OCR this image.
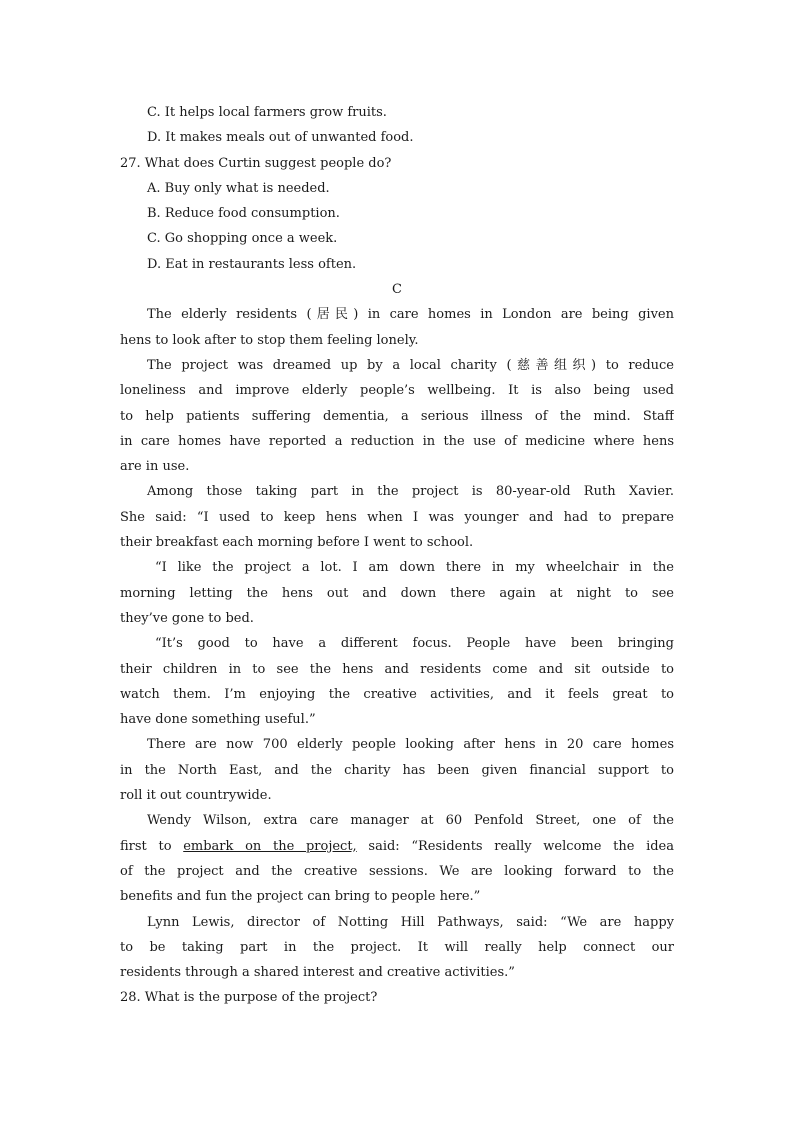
C. It helps local farmers grow fruits.
D. It makes meals out of unwanted food.
27. What does Curtin suggest people do?
A. Buy only what is needed.
B. Reduce food consumption.
C. Go shopping once a week.
D. Eat in restaurants less often.
C
The elderly residents (居民) in care homes in London are being given
hens to look after to stop them feeling lonely.
The project was dreamed up by a local charity (慈善组织) to reduce
loneliness and improve elderly people’s wellbeing. It is also being used
to help patients suffering dementia, a serious illness of the mind. Staff
in care homes have reported a reduction in the use of medicine where hens
are in use.
Among those taking part in the project is 80-year-old Ruth Xavier.
She said: “I used to keep hens when I was younger and had to prepare
their breakfast each morning before I went to school.
“I like the project a lot. I am down there in my wheelchair in the
morning letting the hens out and down there again at night to see
they’ve gone to bed.
“It’s good to have a different focus. People have been bringing
their children in to see the hens and residents come and sit outside to
watch them. I’m enjoying the creative activities, and it feels great to
have done something useful.”
There are now 700 elderly people looking after hens in 20 care homes
in the North East, and the charity has been given financial support to
roll it out countrywide.
Wendy Wilson, extra care manager at 60 Penfold Street, one of the
first to embark on the project, said: “Residents really welcome the idea
of the project and the creative sessions. We are looking forward to the
benefits and fun the project can bring to people here.”
Lynn Lewis, director of Notting Hill Pathways, said: “We are happy
to be taking part in the project. It will really help connect our
residents through a shared interest and creative activities.”
28. What is the purpose of the project?
